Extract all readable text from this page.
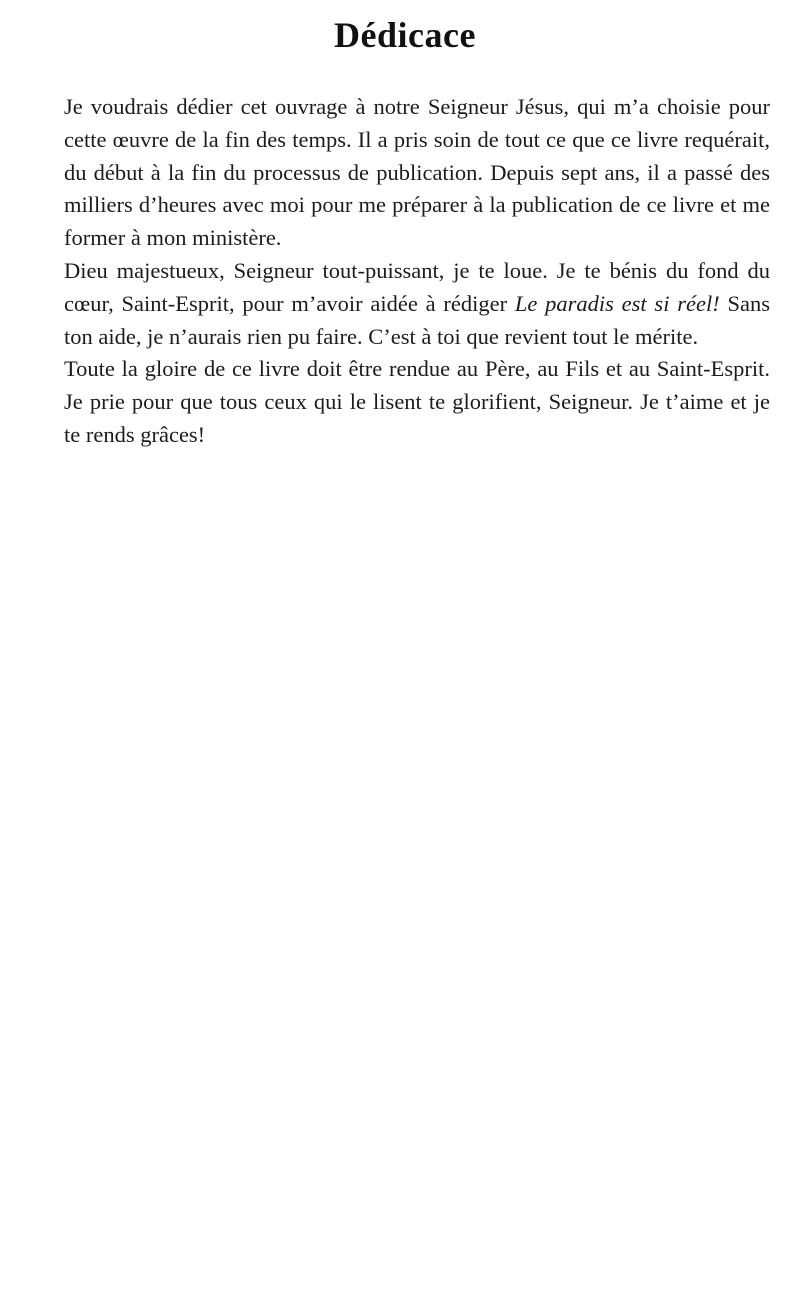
Dédicace

Je voudrais dédier cet ouvrage à notre Seigneur Jésus, qui m’a choisie pour cette œuvre de la fin des temps. Il a pris soin de tout ce que ce livre requérait, du début à la fin du processus de publication. Depuis sept ans, il a passé des milliers d’heures avec moi pour me préparer à la publication de ce livre et me former à mon ministère.

Dieu majestueux, Seigneur tout-puissant, je te loue. Je te bénis du fond du cœur, Saint-Esprit, pour m’avoir aidée à rédiger Le paradis est si réel! Sans ton aide, je n’aurais rien pu faire. C’est à toi que revient tout le mérite.

Toute la gloire de ce livre doit être rendue au Père, au Fils et au Saint-Esprit. Je prie pour que tous ceux qui le lisent te glorifient, Seigneur. Je t’aime et je te rends grâces!
